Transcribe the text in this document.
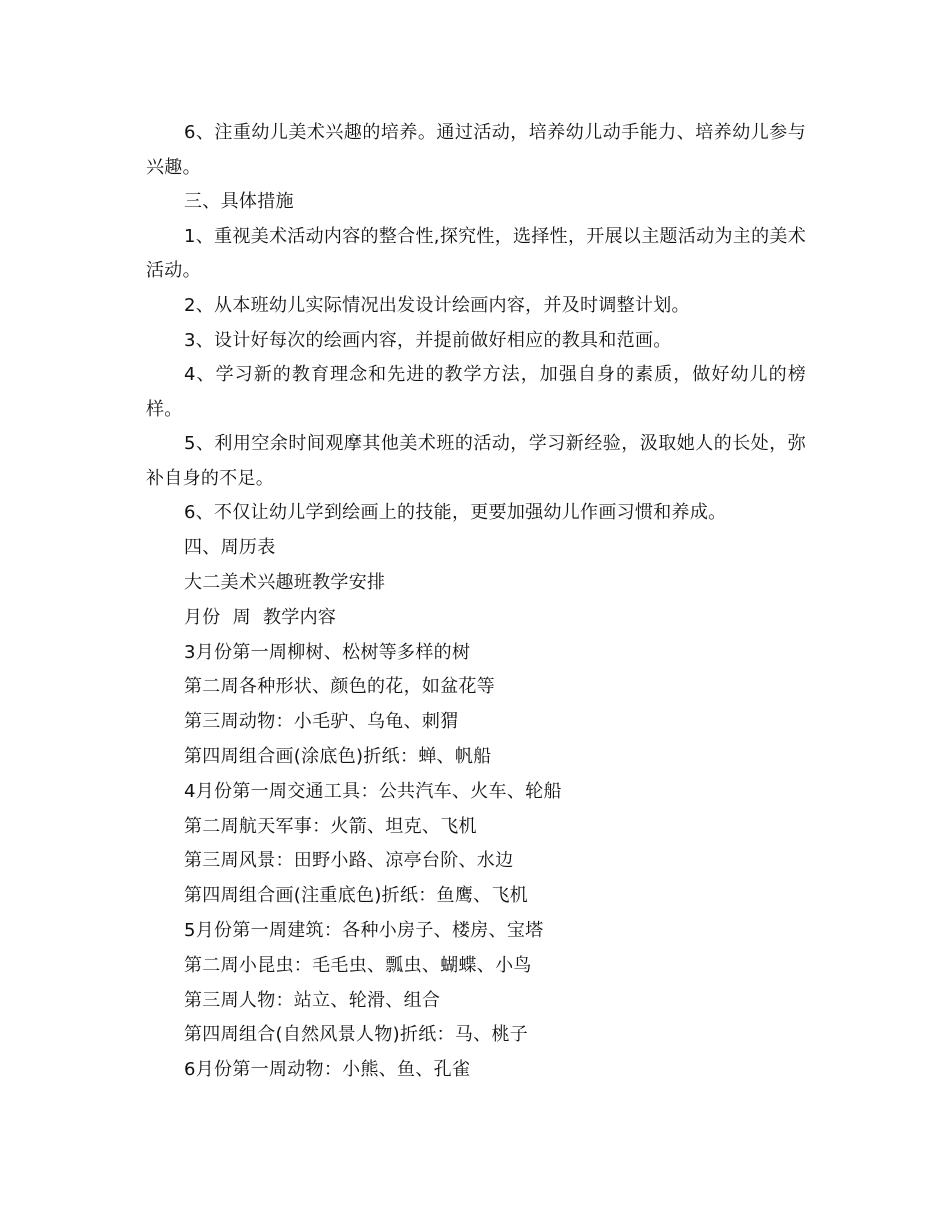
6、注重幼儿美术兴趣的培养。通过活动，培养幼儿动手能力、培养幼儿参与兴趣。

三、具体措施

1、重视美术活动内容的整合性,探究性，选择性，开展以主题活动为主的美术活动。

2、从本班幼儿实际情况出发设计绘画内容，并及时调整计划。

3、设计好每次的绘画内容，并提前做好相应的教具和范画。

4、学习新的教育理念和先进的教学方法，加强自身的素质，做好幼儿的榜样。

5、利用空余时间观摩其他美术班的活动，学习新经验，汲取她人的长处，弥补自身的不足。

6、不仅让幼儿学到绘画上的技能，更要加强幼儿作画习惯和养成。

四、周历表

大二美术兴趣班教学安排

月份  周  教学内容

3月份第一周柳树、松树等多样的树

第二周各种形状、颜色的花，如盆花等

第三周动物：小毛驴、乌龟、刺猬

第四周组合画(涂底色)折纸：蝉、帆船

4月份第一周交通工具：公共汽车、火车、轮船

第二周航天军事：火箭、坦克、飞机

第三周风景：田野小路、凉亭台阶、水边

第四周组合画(注重底色)折纸：鱼鹰、飞机

5月份第一周建筑：各种小房子、楼房、宝塔

第二周小昆虫：毛毛虫、瓢虫、蝴蝶、小鸟

第三周人物：站立、轮滑、组合

第四周组合(自然风景人物)折纸：马、桃子

6月份第一周动物：小熊、鱼、孔雀
